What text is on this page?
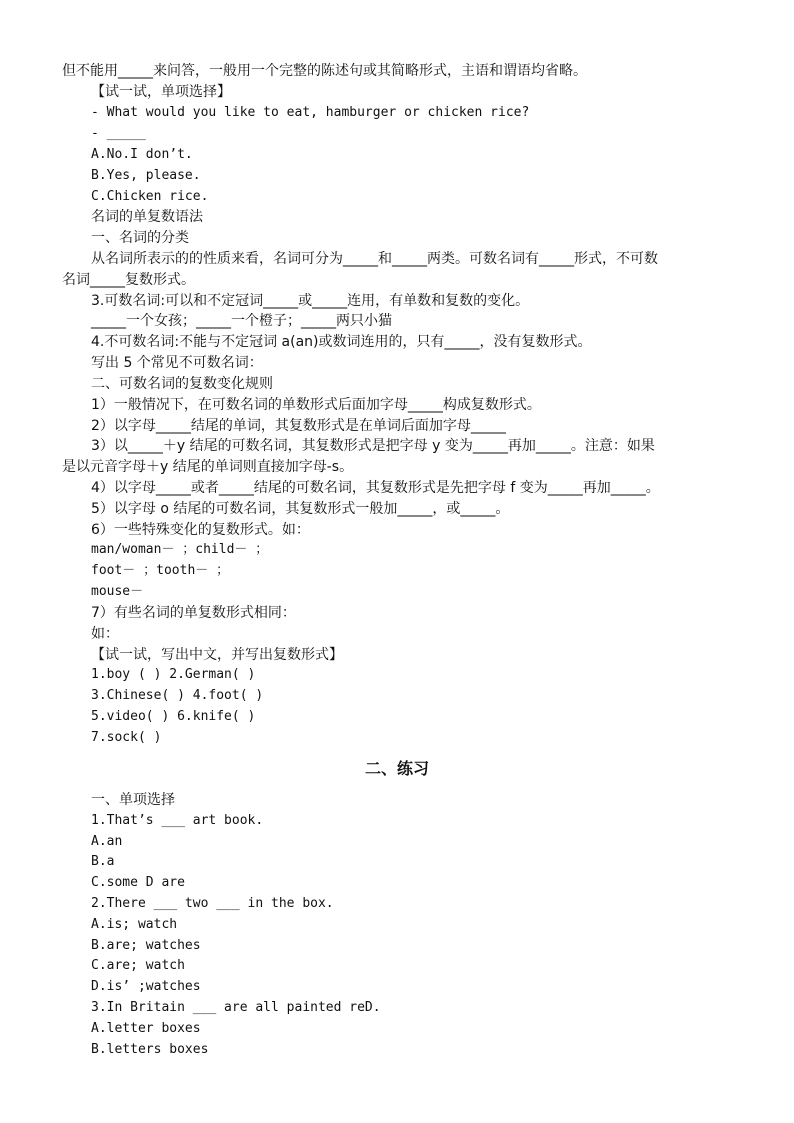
但不能用_____来问答，一般用一个完整的陈述句或其简略形式，主语和谓语均省略。
【试一试，单项选择】
- What would you like to eat, hamburger or chicken rice?
- _____
A.No.I don’t.
B.Yes, please.
C.Chicken rice.
名词的单复数语法
一、名词的分类
从名词所表示的的性质来看，名词可分为_____和_____两类。可数名词有_____形式，不可数
名词_____复数形式。
3.可数名词:可以和不定冠词_____或_____连用，有单数和复数的变化。
_____一个女孩；_____一个橙子；_____两只小猫
4.不可数名词:不能与不定冠词 a(an)或数词连用的，只有_____，没有复数形式。
写出 5 个常见不可数名词：
二、可数名词的复数变化规则
1）一般情况下，在可数名词的单数形式后面加字母_____构成复数形式。
2）以字母_____结尾的单词，其复数形式是在单词后面加字母_____
3）以_____＋y 结尾的可数名词，其复数形式是把字母 y 变为_____再加_____。注意：如果
是以元音字母＋y 结尾的单词则直接加字母-s。
4）以字母_____或者_____结尾的可数名词，其复数形式是先把字母 f 变为_____再加_____。
5）以字母 o 结尾的可数名词，其复数形式一般加_____，或_____。
6）一些特殊变化的复数形式。如：
man/woman－ ；child－ ；
foot－ ；tooth－ ；
mouse－
7）有些名词的单复数形式相同：
如：
【试一试，写出中文，并写出复数形式】
1.boy ( ) 2.German( )
3.Chinese( ) 4.foot( )
5.video( ) 6.knife( )
7.sock( )
二、练习
一、单项选择
1.That’s ___ art book.
A.an
B.a
C.some D are
2.There ___ two ___ in the box.
A.is; watch
B.are; watches
C.are; watch
D.is’ ;watches
3.In Britain ___ are all painted reD.
A.letter boxes
B.letters boxes
